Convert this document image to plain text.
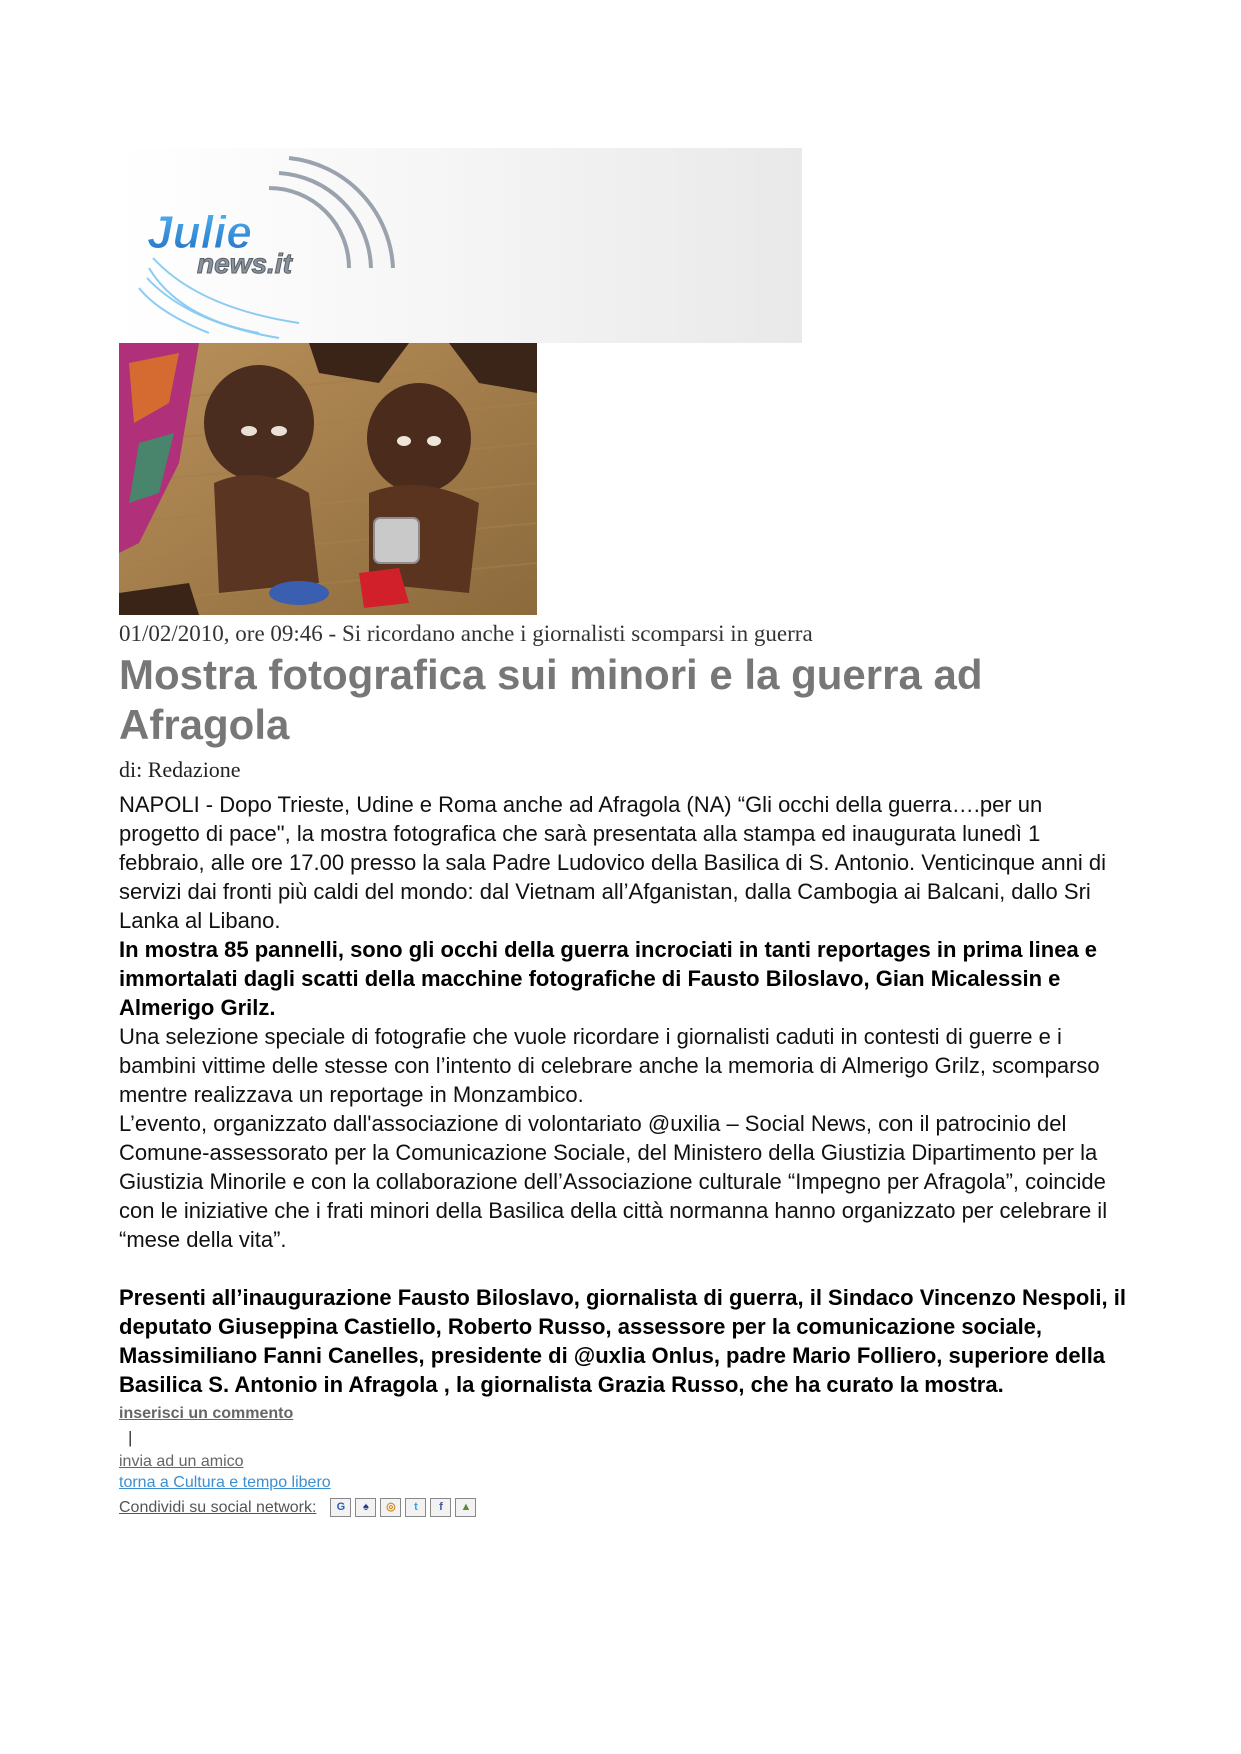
Julie
news.it
01/02/2010, ore 09:46 - Si ricordano anche i giornalisti scomparsi in guerra
Mostra fotografica sui minori e la guerra ad
Afragola
di: Redazione

NAPOLI - Dopo Trieste, Udine e Roma anche ad Afragola (NA) “Gli occhi della guerra….per un progetto di pace", la mostra fotografica che sarà presentata alla stampa ed inaugurata lunedì 1 febbraio, alle ore 17.00 presso la sala Padre Ludovico della Basilica di S. Antonio. Venticinque anni di servizi dai fronti più caldi del mondo: dal Vietnam all’Afganistan, dalla Cambogia ai Balcani, dallo Sri Lanka al Libano.

In mostra 85 pannelli, sono gli occhi della guerra incrociati in tanti reportages in prima linea e immortalati dagli scatti della macchine fotografiche di Fausto Biloslavo, Gian Micalessin e Almerigo Grilz.

Una selezione speciale di fotografie che vuole ricordare i giornalisti caduti in contesti di guerre e i bambini vittime delle stesse con l’intento di celebrare anche la memoria di Almerigo Grilz, scomparso mentre realizzava un reportage in Monzambico.

L’evento, organizzato dall'associazione di volontariato @uxilia – Social News, con il patrocinio del Comune-assessorato per la Comunicazione Sociale, del Ministero della Giustizia Dipartimento per la Giustizia Minorile e con la collaborazione dell’Associazione culturale “Impegno per Afragola”, coincide con le iniziative che i frati minori della Basilica della città normanna hanno organizzato per celebrare il “mese della vita”.

Presenti all’inaugurazione Fausto Biloslavo, giornalista di guerra, il Sindaco Vincenzo Nespoli, il deputato Giuseppina Castiello, Roberto Russo, assessore per la comunicazione sociale, Massimiliano Fanni Canelles, presidente di @uxlia Onlus, padre Mario Folliero, superiore della Basilica S. Antonio in Afragola , la giornalista Grazia Russo, che ha curato la mostra.

inserisci un commento
|
invia ad un amico
torna a Cultura e tempo libero
Condividi su social network:	G	♠	◎	t	f	▲
